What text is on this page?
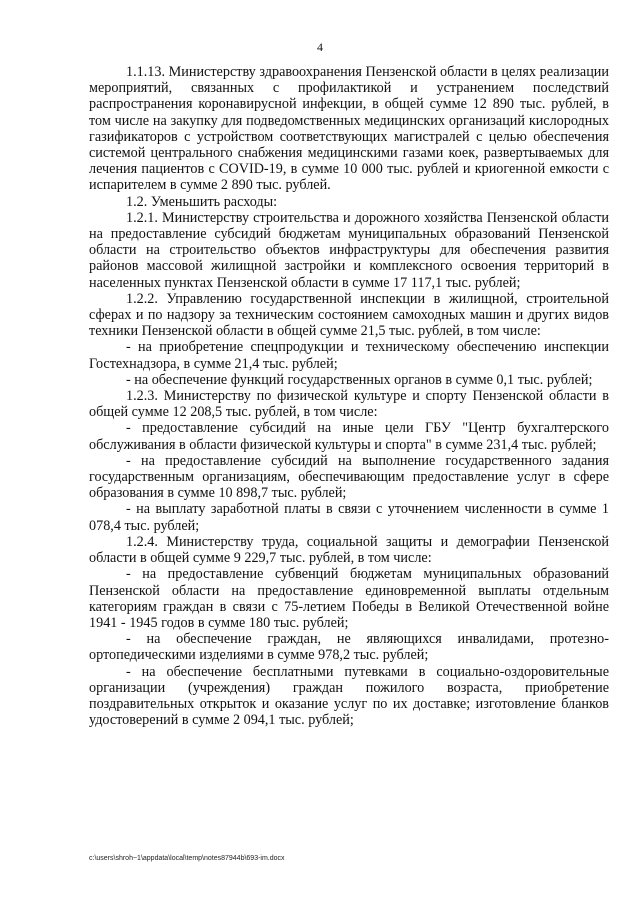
4

1.1.13. Министерству здравоохранения Пензенской области в целях реализации мероприятий, связанных с профилактикой и устранением последствий распространения коронавирусной инфекции, в общей сумме 12 890 тыс. рублей, в том числе на закупку для подведомственных медицинских организаций кислородных газификаторов с устройством соответствующих магистралей с целью обеспечения системой центрального снабжения медицинскими газами коек, развертываемых для лечения пациентов с COVID-19, в сумме 10 000 тыс. рублей и криогенной емкости с испарителем в сумме 2 890 тыс. рублей.

1.2. Уменьшить расходы:

1.2.1. Министерству строительства и дорожного хозяйства Пензенской области на предоставление субсидий бюджетам муниципальных образований Пензенской области на строительство объектов инфраструктуры для обеспечения развития районов массовой жилищной застройки и комплексного освоения территорий в населенных пунктах Пензенской области в сумме 17 117,1 тыс. рублей;

1.2.2. Управлению государственной инспекции в жилищной, строительной сферах и по надзору за техническим состоянием самоходных машин и других видов техники Пензенской области в общей сумме 21,5 тыс. рублей, в том числе:

- на приобретение спецпродукции и техническому обеспечению инспекции Гостехнадзора, в сумме 21,4 тыс. рублей;

- на обеспечение функций государственных органов в сумме 0,1 тыс. рублей;

1.2.3. Министерству по физической культуре и спорту Пензенской области в общей сумме 12 208,5 тыс. рублей, в том числе:

- предоставление субсидий на иные цели ГБУ "Центр бухгалтерского обслуживания в области физической культуры и спорта" в сумме 231,4 тыс. рублей;

- на предоставление субсидий на выполнение государственного задания государственным организациям, обеспечивающим предоставление услуг в сфере образования в сумме 10 898,7 тыс. рублей;

- на выплату заработной платы в связи с уточнением численности в сумме 1 078,4 тыс. рублей;

1.2.4. Министерству труда, социальной защиты и демографии Пензенской области в общей сумме 9 229,7 тыс. рублей, в том числе:

- на предоставление субвенций бюджетам муниципальных образований Пензенской области на предоставление единовременной выплаты отдельным категориям граждан в связи с 75-летием Победы в Великой Отечественной войне 1941 - 1945 годов в сумме 180 тыс. рублей;

- на обеспечение граждан, не являющихся инвалидами, протезно-ортопедическими изделиями в сумме 978,2 тыс. рублей;

- на обеспечение бесплатными путевками в социально-оздоровительные организации (учреждения) граждан пожилого возраста, приобретение поздравительных открыток и оказание услуг по их доставке; изготовление бланков удостоверений в сумме 2 094,1 тыс. рублей;

c:\users\shroh~1\appdata\local\temp\notes87944b\693-im.docx
